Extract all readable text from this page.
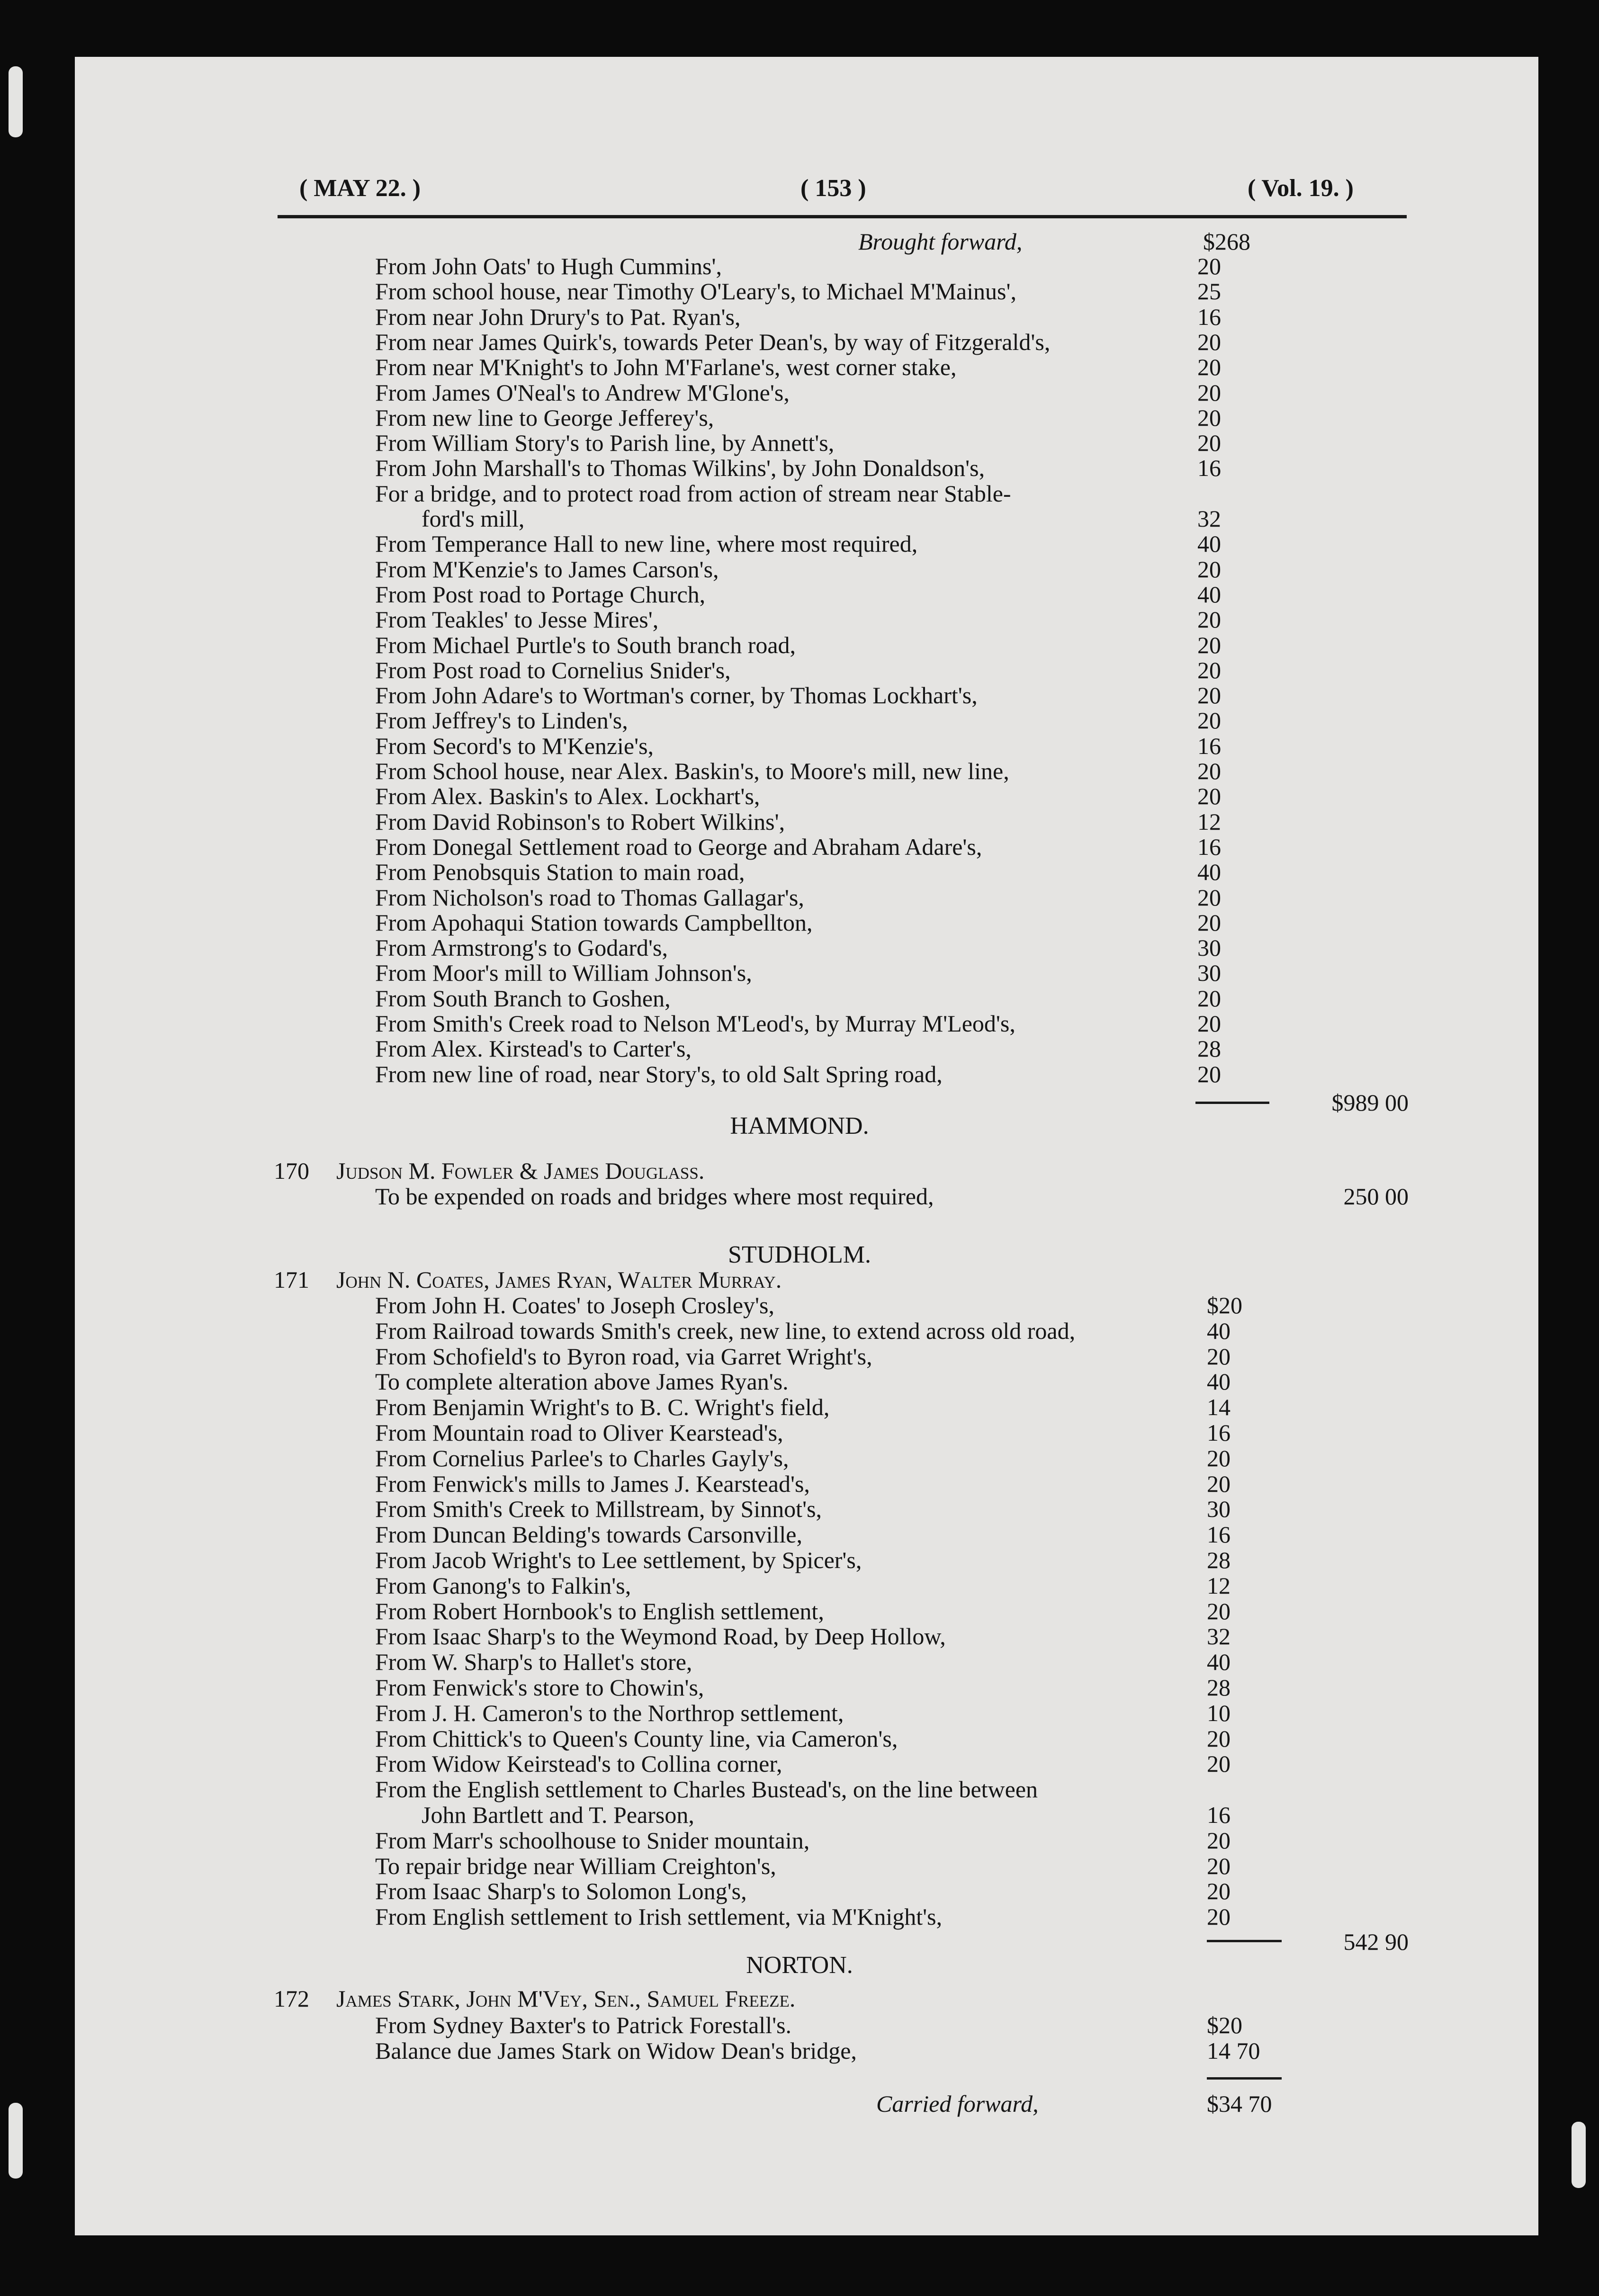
( MAY 22. )	( 153 )	( Vol. 19. )
Brought forward,	$268
From John Oats' to Hugh Cummins',	20
From school house, near Timothy O'Leary's, to Michael M'Mainus',	25
From near John Drury's to Pat. Ryan's,	16
From near James Quirk's, towards Peter Dean's, by way of Fitzgerald's,	20
From near M'Knight's to John M'Farlane's, west corner stake,	20
From James O'Neal's to Andrew M'Glone's,	20
From new line to George Jefferey's,	20
From William Story's to Parish line, by Annett's,	20
From John Marshall's to Thomas Wilkins', by John Donaldson's,	16
For a bridge, and to protect road from action of stream near Stable-
ford's mill,	32
From Temperance Hall to new line, where most required,	40
From M'Kenzie's to James Carson's,	20
From Post road to Portage Church,	40
From Teakles' to Jesse Mires',	20
From Michael Purtle's to South branch road,	20
From Post road to Cornelius Snider's,	20
From John Adare's to Wortman's corner, by Thomas Lockhart's,	20
From Jeffrey's to Linden's,	20
From Secord's to M'Kenzie's,	16
From School house, near Alex. Baskin's, to Moore's mill, new line,	20
From Alex. Baskin's to Alex. Lockhart's,	20
From David Robinson's to Robert Wilkins',	12
From Donegal Settlement road to George and Abraham Adare's,	16
From Penobsquis Station to main road,	40
From Nicholson's road to Thomas Gallagar's,	20
From Apohaqui Station towards Campbellton,	20
From Armstrong's to Godard's,	30
From Moor's mill to William Johnson's,	30
From South Branch to Goshen,	20
From Smith's Creek road to Nelson M'Leod's, by Murray M'Leod's,	20
From Alex. Kirstead's to Carter's,	28
From new line of road, near Story's, to old Salt Spring road,	20
$989 00
HAMMOND.
170 Judson M. Fowler & James Douglass.
To be expended on roads and bridges where most required,	250 00
STUDHOLM.
171 John N. Coates, James Ryan, Walter Murray.
From John H. Coates' to Joseph Crosley's,	$20
From Railroad towards Smith's creek, new line, to extend across old road,	40
From Schofield's to Byron road, via Garret Wright's,	20
To complete alteration above James Ryan's.	40
From Benjamin Wright's to B. C. Wright's field,	14
From Mountain road to Oliver Kearstead's,	16
From Cornelius Parlee's to Charles Gayly's,	20
From Fenwick's mills to James J. Kearstead's,	20
From Smith's Creek to Millstream, by Sinnot's,	30
From Duncan Belding's towards Carsonville,	16
From Jacob Wright's to Lee settlement, by Spicer's,	28
From Ganong's to Falkin's,	12
From Robert Hornbook's to English settlement,	20
From Isaac Sharp's to the Weymond Road, by Deep Hollow,	32
From W. Sharp's to Hallet's store,	40
From Fenwick's store to Chowin's,	28
From J. H. Cameron's to the Northrop settlement,	10
From Chittick's to Queen's County line, via Cameron's,	20
From Widow Keirstead's to Collina corner,	20
From the English settlement to Charles Bustead's, on the line between
John Bartlett and T. Pearson,	16
From Marr's schoolhouse to Snider mountain,	20
To repair bridge near William Creighton's,	20
From Isaac Sharp's to Solomon Long's,	20
From English settlement to Irish settlement, via M'Knight's,	20
542 90
NORTON.
172 James Stark, John M'Vey, Sen., Samuel Freeze.
From Sydney Baxter's to Patrick Forestall's.	$20
Balance due James Stark on Widow Dean's bridge,	14 70
Carried forward,	$34 70
